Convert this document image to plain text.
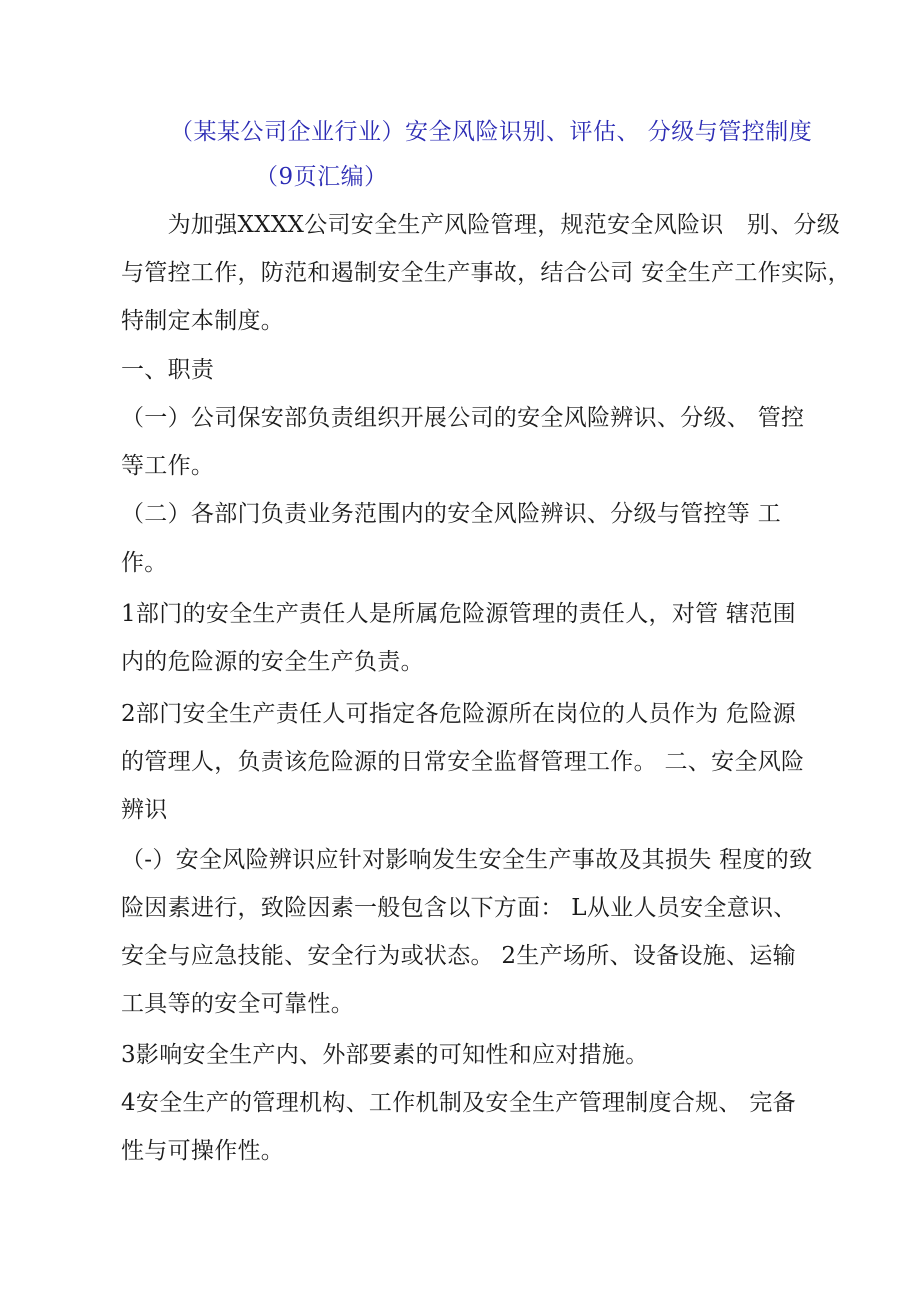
（某某公司企业行业）安全风险识别、评估、 分级与管控制度
（9页汇编）
　　为加强XXXX公司安全生产风险管理，规范安全风险识　别、分级
与管控工作，防范和遏制安全生产事故，结合公司 安全生产工作实际，
特制定本制度。
一、职责
（一）公司保安部负责组织开展公司的安全风险辨识、分级、 管控
等工作。
（二）各部门负责业务范围内的安全风险辨识、分级与管控等 工
作。
1部门的安全生产责任人是所属危险源管理的责任人，对管 辖范围
内的危险源的安全生产负责。
2部门安全生产责任人可指定各危险源所在岗位的人员作为 危险源
的管理人，负责该危险源的日常安全监督管理工作。 二、安全风险
辨识
（-）安全风险辨识应针对影响发生安全生产事故及其损失 程度的致
险因素进行，致险因素一般包含以下方面： L从业人员安全意识、
安全与应急技能、安全行为或状态。 2生产场所、设备设施、运输
工具等的安全可靠性。
3影响安全生产内、外部要素的可知性和应对措施。
4安全生产的管理机构、工作机制及安全生产管理制度合规、 完备
性与可操作性。
